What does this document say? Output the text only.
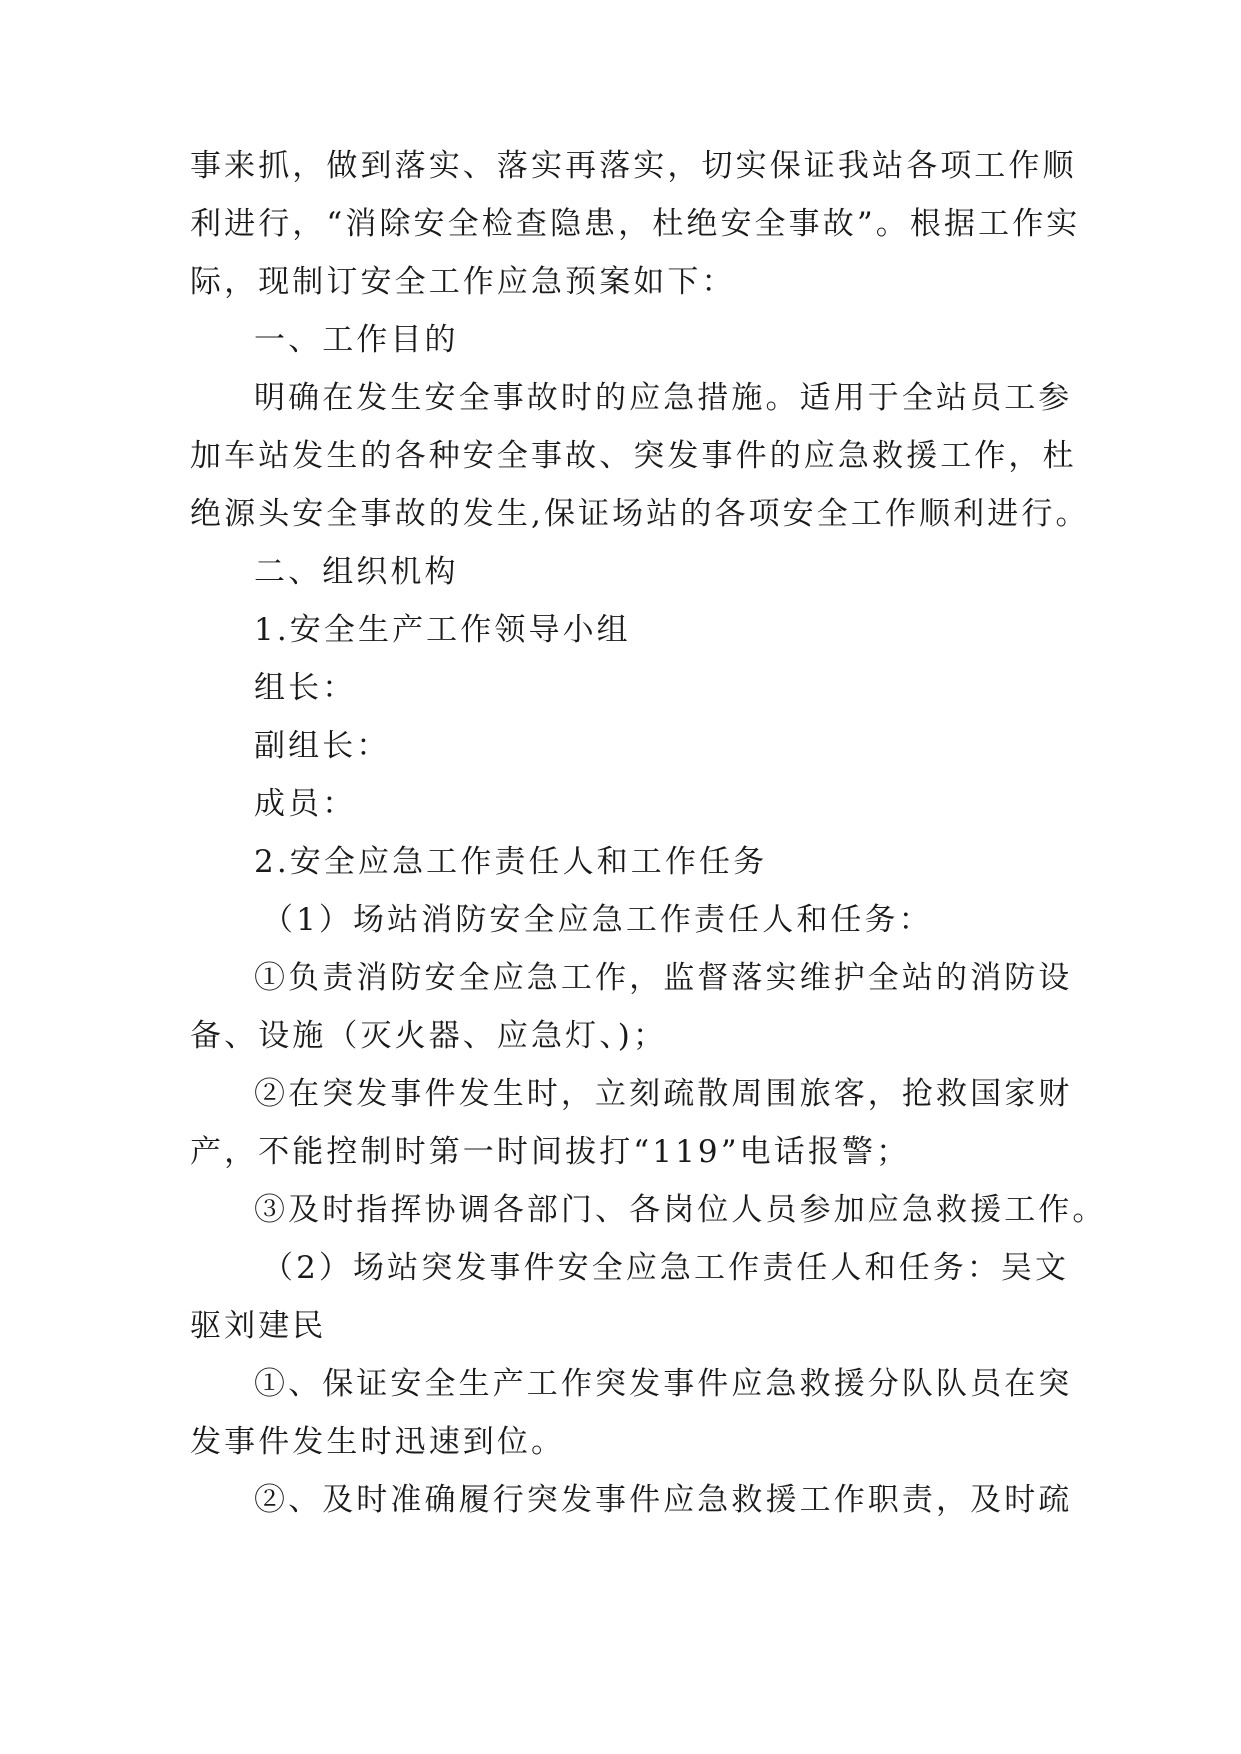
事来抓，做到落实、落实再落实，切实保证我站各项工作顺
利进行，“消除安全检查隐患，杜绝安全事故”。根据工作实
际，现制订安全工作应急预案如下：
一、工作目的
明确在发生安全事故时的应急措施。适用于全站员工参
加车站发生的各种安全事故、突发事件的应急救援工作，杜
绝源头安全事故的发生,保证场站的各项安全工作顺利进行。
二、组织机构
1.安全生产工作领导小组
组长：
副组长：
成员：
2.安全应急工作责任人和工作任务
（1）场站消防安全应急工作责任人和任务：
①负责消防安全应急工作，监督落实维护全站的消防设
备、设施（灭火器、应急灯、)；
②在突发事件发生时，立刻疏散周围旅客，抢救国家财
产，不能控制时第一时间拔打“119”电话报警；
③及时指挥协调各部门、各岗位人员参加应急救援工作。
（2）场站突发事件安全应急工作责任人和任务：吴文
驱刘建民
①、保证安全生产工作突发事件应急救援分队队员在突
发事件发生时迅速到位。
②、及时准确履行突发事件应急救援工作职责，及时疏
